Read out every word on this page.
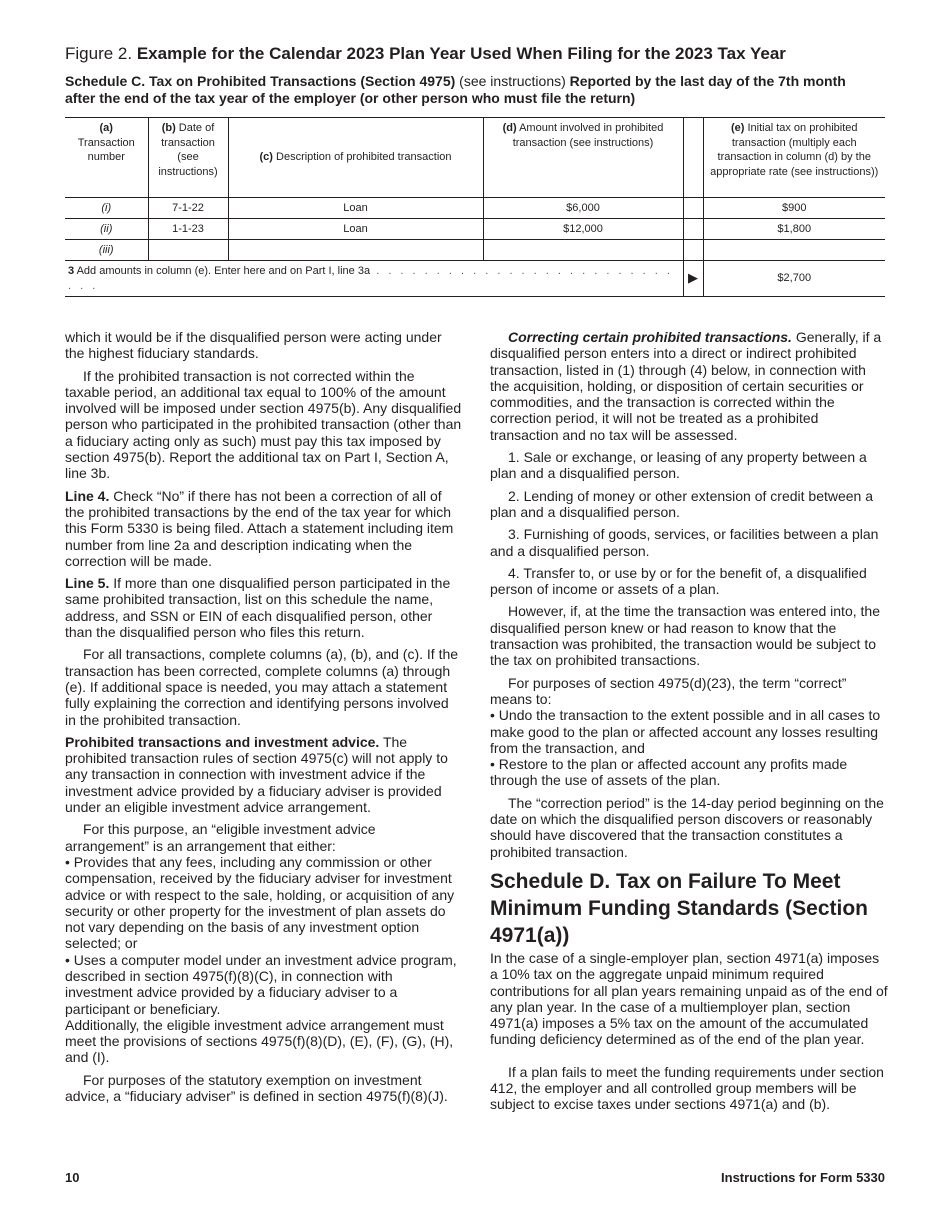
Figure 2. Example for the Calendar 2023 Plan Year Used When Filing for the 2023 Tax Year
Schedule C. Tax on Prohibited Transactions (Section 4975) (see instructions) Reported by the last day of the 7th month after the end of the tax year of the employer (or other person who must file the return)
(a)
Transaction number	(b) Date of transaction (see instructions)	(c) Description of prohibited transaction	(d) Amount involved in prohibited transaction (see instructions)		(e) Initial tax on prohibited transaction (multiply each transaction in column (d) by the appropriate rate (see instructions))
(i)	7-1-22	Loan	$6,000		$900
(ii)	1-1-23	Loan	$12,000		$1,800
(iii)					
3 Add amounts in column (e). Enter here and on Part I, line 3a . . . . . . . . . . . . . . . . . . . . . . . . . . . .				▶	$2,700

which it would be if the disqualified person were acting under the highest fiduciary standards.

If the prohibited transaction is not corrected within the taxable period, an additional tax equal to 100% of the amount involved will be imposed under section 4975(b). Any disqualified person who participated in the prohibited transaction (other than a fiduciary acting only as such) must pay this tax imposed by section 4975(b). Report the additional tax on Part I, Section A, line 3b.

Line 4. Check “No” if there has not been a correction of all of the prohibited transactions by the end of the tax year for which this Form 5330 is being filed. Attach a statement including item number from line 2a and description indicating when the correction will be made.

Line 5. If more than one disqualified person participated in the same prohibited transaction, list on this schedule the name, address, and SSN or EIN of each disqualified person, other than the disqualified person who files this return.

For all transactions, complete columns (a), (b), and (c). If the transaction has been corrected, complete columns (a) through (e). If additional space is needed, you may attach a statement fully explaining the correction and identifying persons involved in the prohibited transaction.

Prohibited transactions and investment advice. The prohibited transaction rules of section 4975(c) will not apply to any transaction in connection with investment advice if the investment advice provided by a fiduciary adviser is provided under an eligible investment advice arrangement.

For this purpose, an “eligible investment advice arrangement” is an arrangement that either:

• Provides that any fees, including any commission or other compensation, received by the fiduciary adviser for investment advice or with respect to the sale, holding, or acquisition of any security or other property for the investment of plan assets do not vary depending on the basis of any investment option selected; or

• Uses a computer model under an investment advice program, described in section 4975(f)(8)(C), in connection with investment advice provided by a fiduciary adviser to a participant or beneficiary.

Additionally, the eligible investment advice arrangement must meet the provisions of sections 4975(f)(8)(D), (E), (F), (G), (H), and (I).

For purposes of the statutory exemption on investment advice, a “fiduciary adviser” is defined in section 4975(f)(8)(J).

Correcting certain prohibited transactions. Generally, if a disqualified person enters into a direct or indirect prohibited transaction, listed in (1) through (4) below, in connection with the acquisition, holding, or disposition of certain securities or commodities, and the transaction is corrected within the correction period, it will not be treated as a prohibited transaction and no tax will be assessed.

1. Sale or exchange, or leasing of any property between a plan and a disqualified person.

2. Lending of money or other extension of credit between a plan and a disqualified person.

3. Furnishing of goods, services, or facilities between a plan and a disqualified person.

4. Transfer to, or use by or for the benefit of, a disqualified person of income or assets of a plan.

However, if, at the time the transaction was entered into, the disqualified person knew or had reason to know that the transaction was prohibited, the transaction would be subject to the tax on prohibited transactions.

For purposes of section 4975(d)(23), the term “correct” means to:

• Undo the transaction to the extent possible and in all cases to make good to the plan or affected account any losses resulting from the transaction, and

• Restore to the plan or affected account any profits made through the use of assets of the plan.

The “correction period” is the 14-day period beginning on the date on which the disqualified person discovers or reasonably should have discovered that the transaction constitutes a prohibited transaction.

Schedule D. Tax on Failure To Meet Minimum Funding Standards (Section 4971(a))

In the case of a single-employer plan, section 4971(a) imposes a 10% tax on the aggregate unpaid minimum required contributions for all plan years remaining unpaid as of the end of any plan year. In the case of a multiemployer plan, section 4971(a) imposes a 5% tax on the amount of the accumulated funding deficiency determined as of the end of the plan year.

If a plan fails to meet the funding requirements under section 412, the employer and all controlled group members will be subject to excise taxes under sections 4971(a) and (b).

10	Instructions for Form 5330
